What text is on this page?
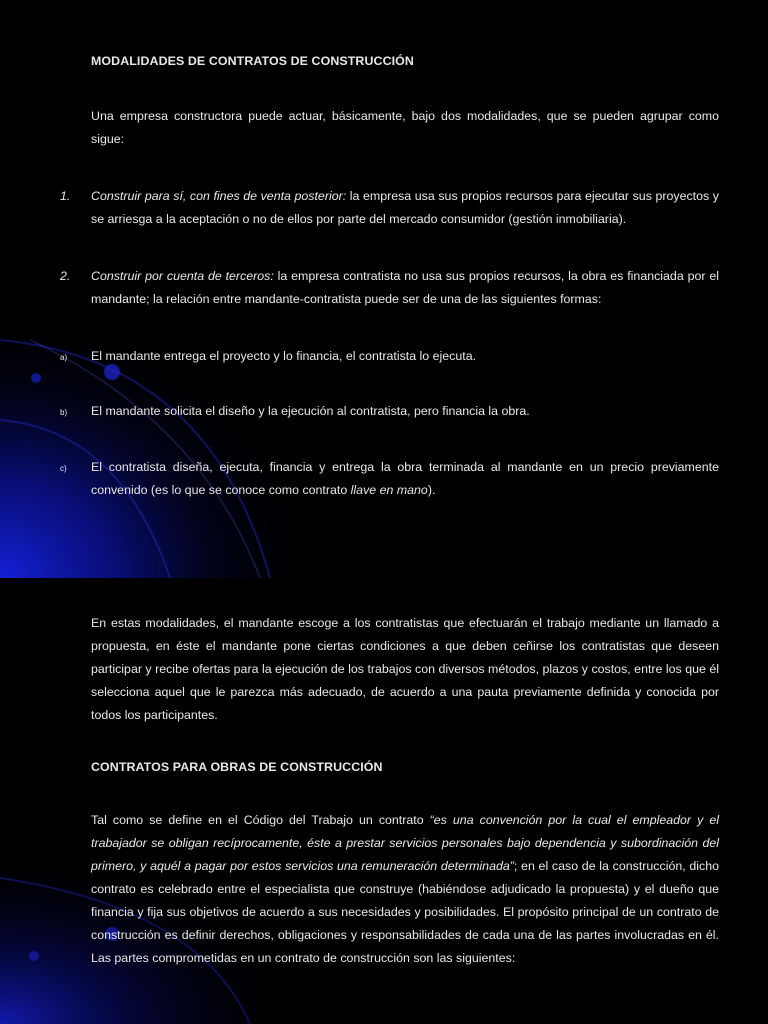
MODALIDADES DE CONTRATOS DE CONSTRUCCIÓN

Una empresa constructora puede actuar, básicamente, bajo dos modalidades, que se pueden agrupar como sigue:

1. Construir para sí, con fines de venta posterior: la empresa usa sus propios recursos para ejecutar sus proyectos y se arriesga a la aceptación o no de ellos por parte del mercado consumidor (gestión inmobiliaria).

2. Construir por cuenta de terceros: la empresa contratista no usa sus propios recursos, la obra es financiada por el mandante; la relación entre mandante-contratista puede ser de una de las siguientes formas:

a) El mandante entrega el proyecto y lo financia, el contratista lo ejecuta.

b) El mandante solicita el diseño y la ejecución al contratista, pero financia la obra.

c) El contratista diseña, ejecuta, financia y entrega la obra terminada al mandante en un precio previamente convenido (es lo que se conoce como contrato llave en mano).

En estas modalidades, el mandante escoge a los contratistas que efectuarán el trabajo mediante un llamado a propuesta, en éste el mandante pone ciertas condiciones a que deben ceñirse los contratistas que deseen participar y recibe ofertas para la ejecución de los trabajos con diversos métodos, plazos y costos, entre los que él selecciona aquel que le parezca más adecuado, de acuerdo a una pauta previamente definida y conocida por todos los participantes.

CONTRATOS PARA OBRAS DE CONSTRUCCIÓN

Tal como se define en el Código del Trabajo un contrato “es una convención por la cual el empleador y el trabajador se obligan recíprocamente, éste a prestar servicios personales bajo dependencia y subordinación del primero, y aquél a pagar por estos servicios una remuneración determinada”; en el caso de la construcción, dicho contrato es celebrado entre el especialista que construye (habiéndose adjudicado la propuesta) y el dueño que financia y fija sus objetivos de acuerdo a sus necesidades y posibilidades. El propósito principal de un contrato de construcción es definir derechos, obligaciones y responsabilidades de cada una de las partes involucradas en él. Las partes comprometidas en un contrato de construcción son las siguientes:
